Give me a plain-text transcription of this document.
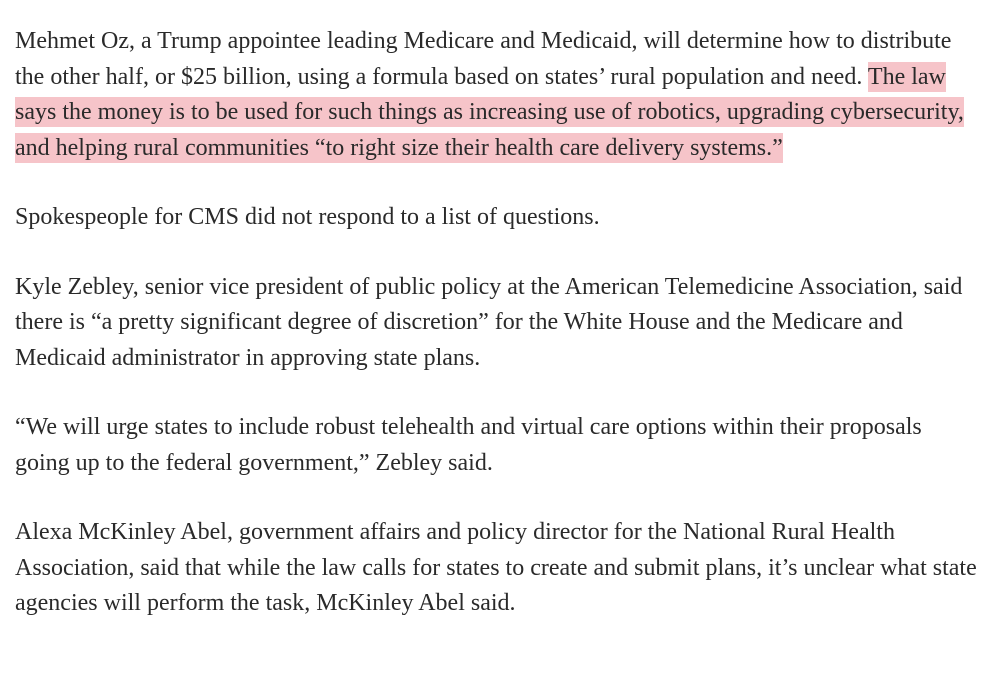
Mehmet Oz, a Trump appointee leading Medicare and Medicaid, will determine how to distribute the other half, or $25 billion, using a formula based on states’ rural population and need. The law says the money is to be used for such things as increasing use of robotics, upgrading cybersecurity, and helping rural communities “to right size their health care delivery systems.”

Spokespeople for CMS did not respond to a list of questions.

Kyle Zebley, senior vice president of public policy at the American Telemedicine Association, said there is “a pretty significant degree of discretion” for the White House and the Medicare and Medicaid administrator in approving state plans.

“We will urge states to include robust telehealth and virtual care options within their proposals going up to the federal government,” Zebley said.

Alexa McKinley Abel, government affairs and policy director for the National Rural Health Association, said that while the law calls for states to create and submit plans, it’s unclear what state agencies will perform the task, McKinley Abel said.
